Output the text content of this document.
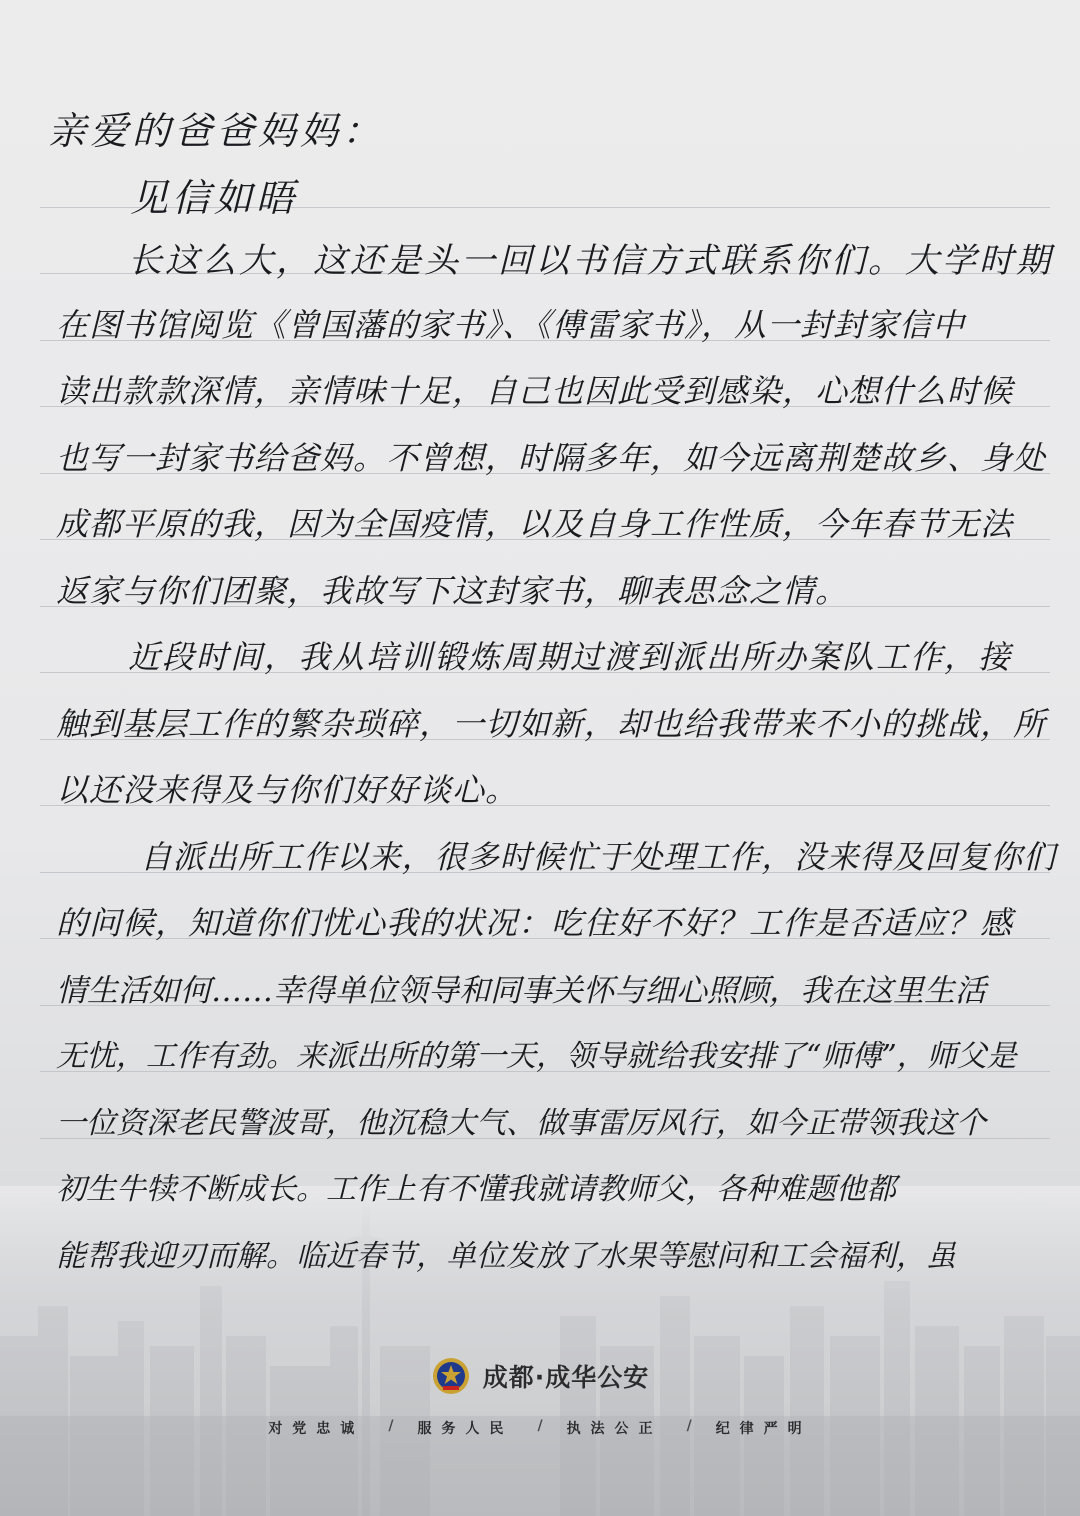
亲爱的爸爸妈妈：
见信如晤
长这么大，这还是头一回以书信方式联系你们。大学时期
在图书馆阅览《曾国藩的家书》、《傅雷家书》，从一封封家信中
读出款款深情，亲情味十足，自己也因此受到感染，心想什么时候
也写一封家书给爸妈。不曾想，时隔多年，如今远离荆楚故乡、身处
成都平原的我，因为全国疫情，以及自身工作性质，今年春节无法
返家与你们团聚，我故写下这封家书，聊表思念之情。
近段时间，我从培训锻炼周期过渡到派出所办案队工作，接
触到基层工作的繁杂琐碎，一切如新，却也给我带来不小的挑战，所
以还没来得及与你们好好谈心。
自派出所工作以来，很多时候忙于处理工作，没来得及回复你们
的问候，知道你们忧心我的状况：吃住好不好？工作是否适应？感
情生活如何……幸得单位领导和同事关怀与细心照顾，我在这里生活
无忧，工作有劲。来派出所的第一天，领导就给我安排了“师傅”，师父是
一位资深老民警波哥，他沉稳大气、做事雷厉风行，如今正带领我这个
成都·成华公安
对党忠诚	/	服务人民	/	执法公正	/	纪律严明
初生牛犊不断成长。工作上有不懂我就请教师父，各种难题他都
能帮我迎刃而解。临近春节，单位发放了水果等慰问和工会福利，虽
